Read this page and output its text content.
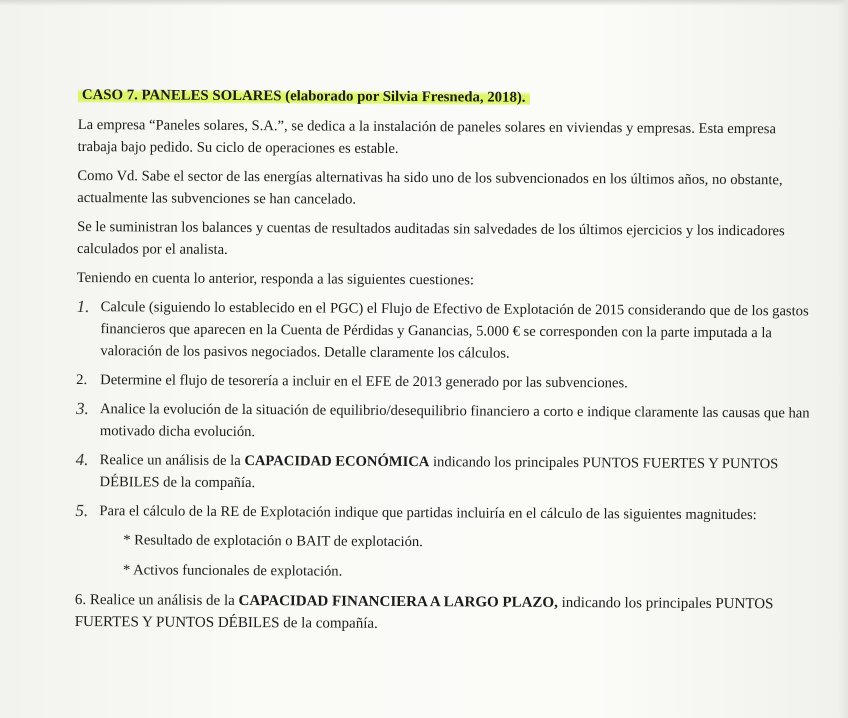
CASO 7. PANELES SOLARES (elaborado por Silvia Fresneda, 2018).

La empresa “Paneles solares, S.A.”, se dedica a la instalación de paneles solares en viviendas y empresas. Esta empresa trabaja bajo pedido. Su ciclo de operaciones es estable.

Como Vd. Sabe el sector de las energías alternativas ha sido uno de los subvencionados en los últimos años, no obstante, actualmente las subvenciones se han cancelado.

Se le suministran los balances y cuentas de resultados auditadas sin salvedades de los últimos ejercicios y los indicadores calculados por el analista.

Teniendo en cuenta lo anterior, responda a las siguientes cuestiones:

1. Calcule (siguiendo lo establecido en el PGC) el Flujo de Efectivo de Explotación de 2015 considerando que de los gastos financieros que aparecen en la Cuenta de Pérdidas y Ganancias, 5.000 € se corresponden con la parte imputada a la valoración de los pasivos negociados. Detalle claramente los cálculos.
2. Determine el flujo de tesorería a incluir en el EFE de 2013 generado por las subvenciones.
3. Analice la evolución de la situación de equilibrio/desequilibrio financiero a corto e indique claramente las causas que han motivado dicha evolución.
4. Realice un análisis de la CAPACIDAD ECONÓMICA indicando los principales PUNTOS FUERTES Y PUNTOS DÉBILES de la compañía.
5. Para el cálculo de la RE de Explotación indique que partidas incluiría en el cálculo de las siguientes magnitudes:
* Resultado de explotación o BAIT de explotación.
* Activos funcionales de explotación.
6. Realice un análisis de la CAPACIDAD FINANCIERA A LARGO PLAZO, indicando los principales PUNTOS FUERTES Y PUNTOS DÉBILES de la compañía.
